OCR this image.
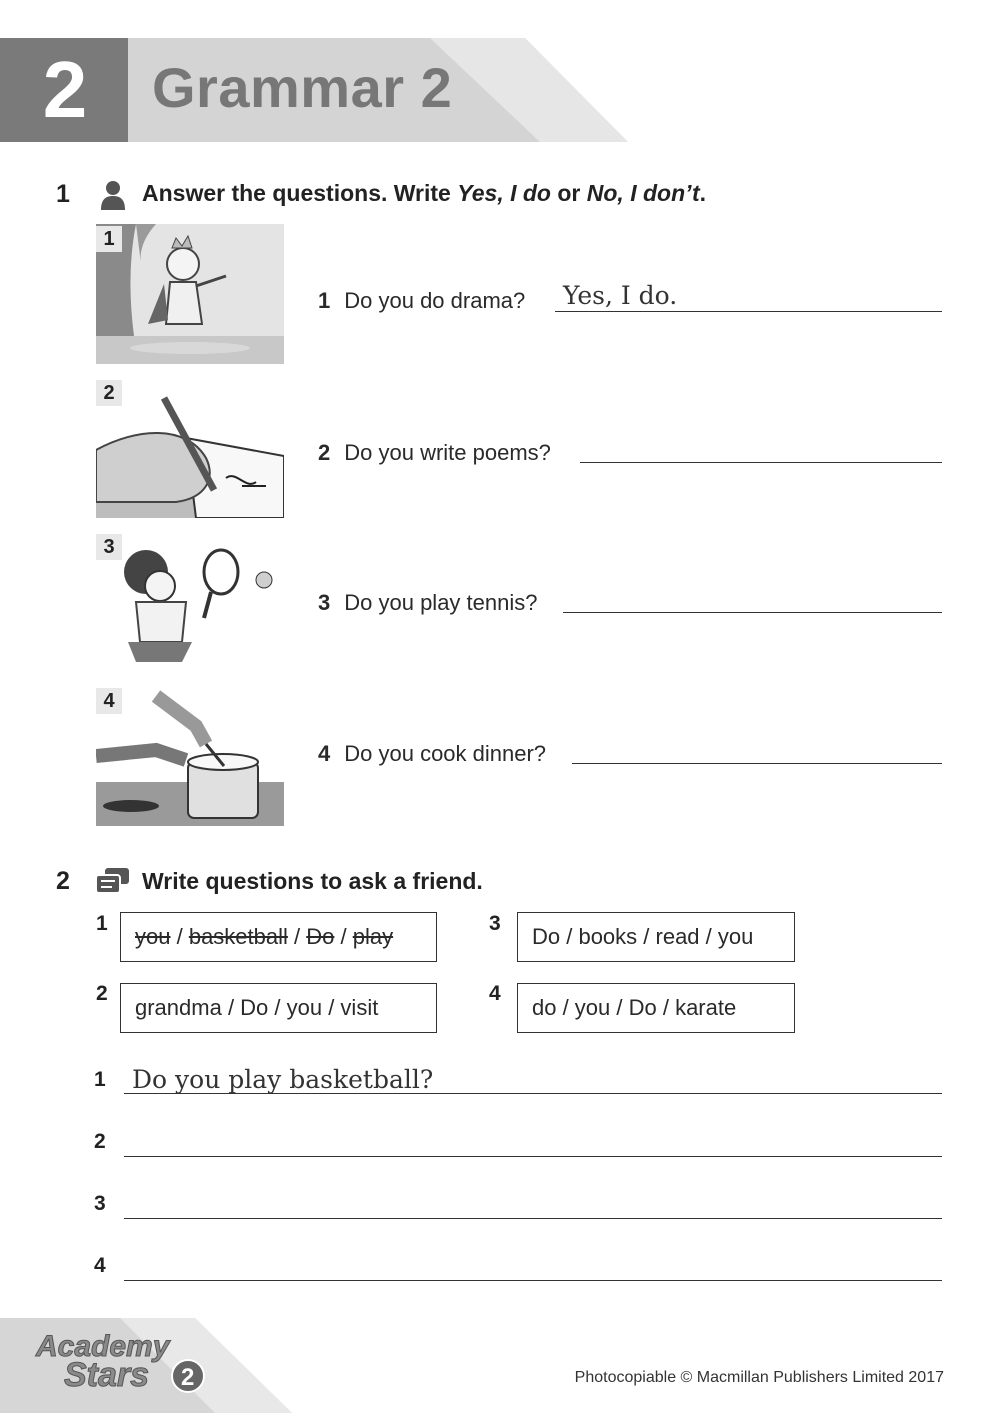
2	Grammar 2
1	Answer the questions. Write Yes, I do or No, I don’t.
1
2
3
4
1 Do you do drama? Yes, I do.
2 Do you write poems?
3 Do you play tennis?
4 Do you cook dinner?
2	Write questions to ask a friend.
1
you / basketball / Do / play
2
grandma / Do / you / visit
3
Do / books / read / you
4
do / you / Do / karate
1 Do you play basketball?
2
3
4
Academy
Stars 2	Photocopiable © Macmillan Publishers Limited 2017
